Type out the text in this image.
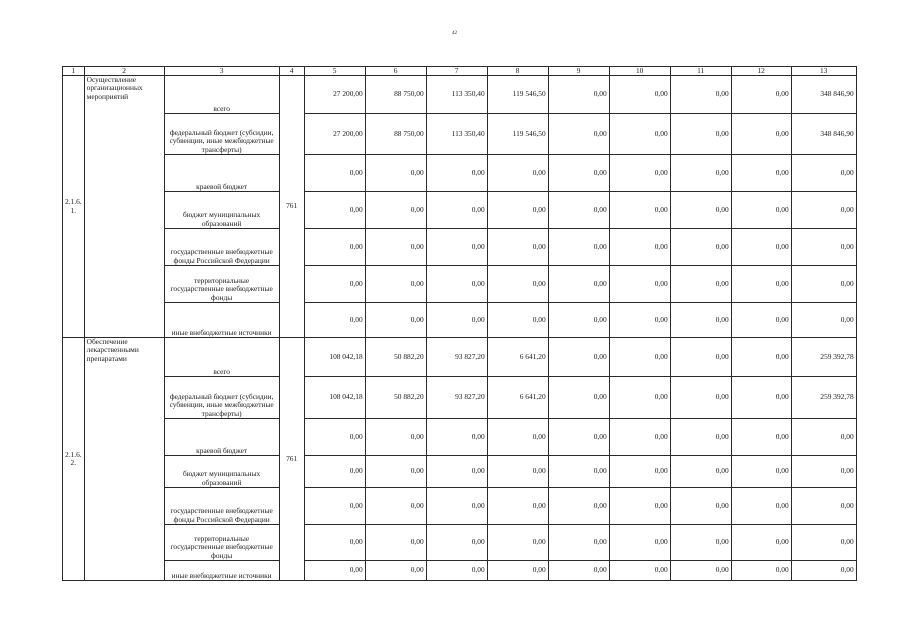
42
1	2	3	4	5	6	7	8	9	10	11	12	13
2.1.6.
1.	Осуществление организационных мероприятий	всего	761	27 200,00	88 750,00	113 350,40	119 546,50	0,00	0,00	0,00	0,00	348 846,90
		федеральный бюджет (субсидии, субвенции, иные межбюджетные трансферты)		27 200,00	88 750,00	113 350,40	119 546,50	0,00	0,00	0,00	0,00	348 846,90
		краевой бюджет		0,00	0,00	0,00	0,00	0,00	0,00	0,00	0,00	0,00
		бюджет муниципальных образований		0,00	0,00	0,00	0,00	0,00	0,00	0,00	0,00	0,00
		государственные внебюджетные фонды Российской Федерации		0,00	0,00	0,00	0,00	0,00	0,00	0,00	0,00	0,00
		территориальные государственные внебюджетные фонды		0,00	0,00	0,00	0,00	0,00	0,00	0,00	0,00	0,00
		иные внебюджетные источники		0,00	0,00	0,00	0,00	0,00	0,00	0,00	0,00	0,00
2.1.6.
2.	Обеспечение лекарственными препаратами	всего	761	108 042,18	50 882,20	93 827,20	6 641,20	0,00	0,00	0,00	0,00	259 392,78
		федеральный бюджет (субсидии, субвенции, иные межбюджетные трансферты)		108 042,18	50 882,20	93 827,20	6 641,20	0,00	0,00	0,00	0,00	259 392,78
		краевой бюджет		0,00	0,00	0,00	0,00	0,00	0,00	0,00	0,00	0,00
		бюджет муниципальных образований		0,00	0,00	0,00	0,00	0,00	0,00	0,00	0,00	0,00
		государственные внебюджетные фонды Российской Федерации		0,00	0,00	0,00	0,00	0,00	0,00	0,00	0,00	0,00
		территориальные государственные внебюджетные фонды		0,00	0,00	0,00	0,00	0,00	0,00	0,00	0,00	0,00
		иные внебюджетные источники		0,00	0,00	0,00	0,00	0,00	0,00	0,00	0,00	0,00
